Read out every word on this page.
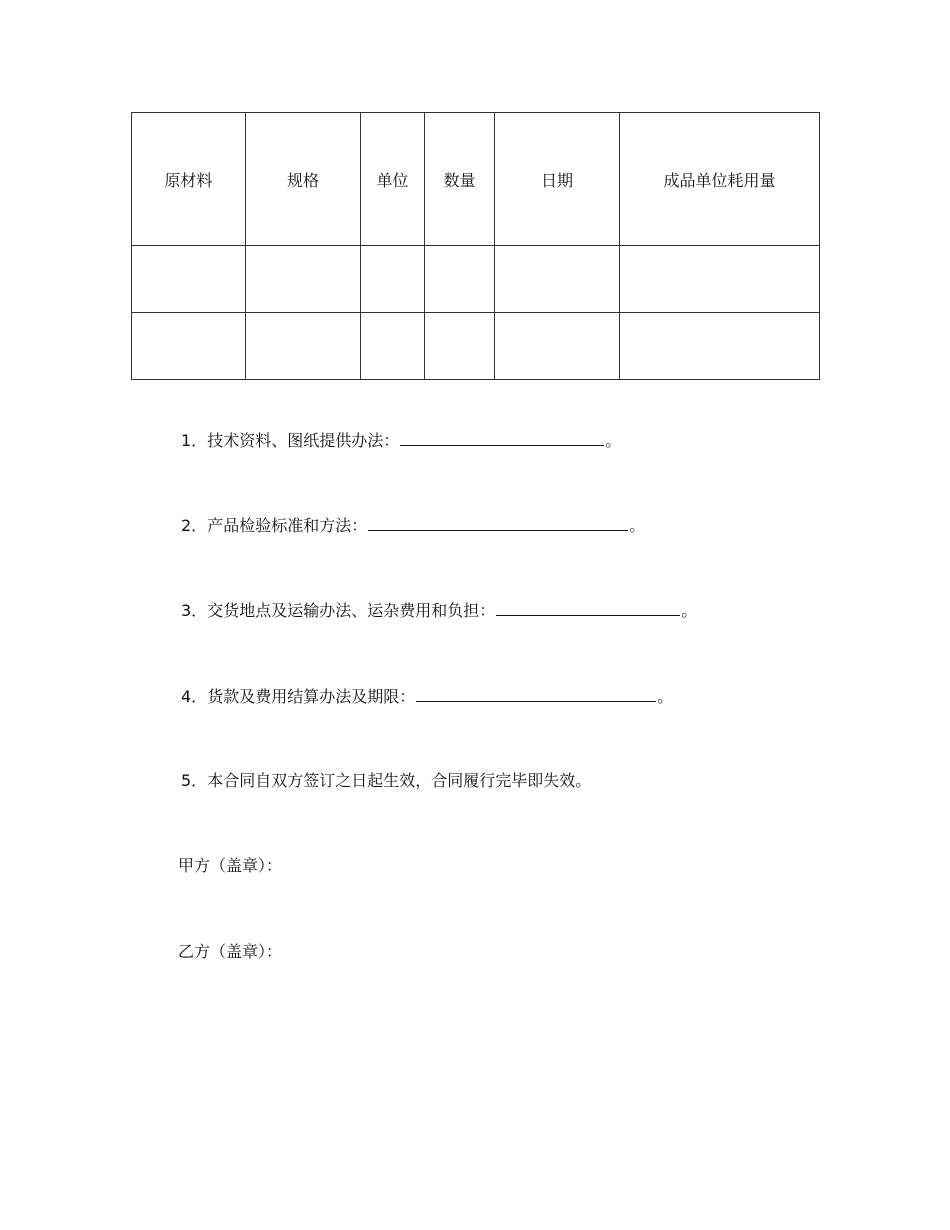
原材料	规格	单位	数量	日期	成品单位耗用量

1．技术资料、图纸提供办法：	。
2．产品检验标准和方法：	。
3．交货地点及运输办法、运杂费用和负担：	。
4．货款及费用结算办法及期限：	。
5．本合同自双方签订之日起生效，合同履行完毕即失效。
甲方（盖章）：
乙方（盖章）：
